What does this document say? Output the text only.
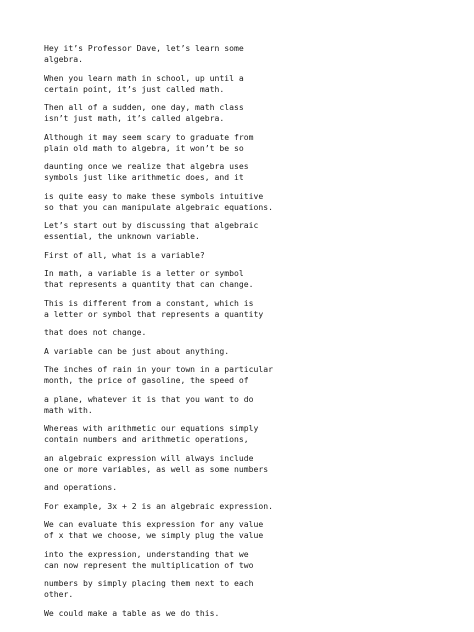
Hey it’s Professor Dave, let’s learn some
algebra.

When you learn math in school, up until a
certain point, it’s just called math.

Then all of a sudden, one day, math class
isn’t just math, it’s called algebra.

Although it may seem scary to graduate from
plain old math to algebra, it won’t be so

daunting once we realize that algebra uses
symbols just like arithmetic does, and it

is quite easy to make these symbols intuitive
so that you can manipulate algebraic equations.

Let’s start out by discussing that algebraic
essential, the unknown variable.

First of all, what is a variable?

In math, a variable is a letter or symbol
that represents a quantity that can change.

This is different from a constant, which is
a letter or symbol that represents a quantity

that does not change.

A variable can be just about anything.

The inches of rain in your town in a particular
month, the price of gasoline, the speed of

a plane, whatever it is that you want to do
math with.

Whereas with arithmetic our equations simply
contain numbers and arithmetic operations,

an algebraic expression will always include
one or more variables, as well as some numbers

and operations.

For example, 3x + 2 is an algebraic expression.

We can evaluate this expression for any value
of x that we choose, we simply plug the value

into the expression, understanding that we
can now represent the multiplication of two

numbers by simply placing them next to each
other.

We could make a table as we do this.
